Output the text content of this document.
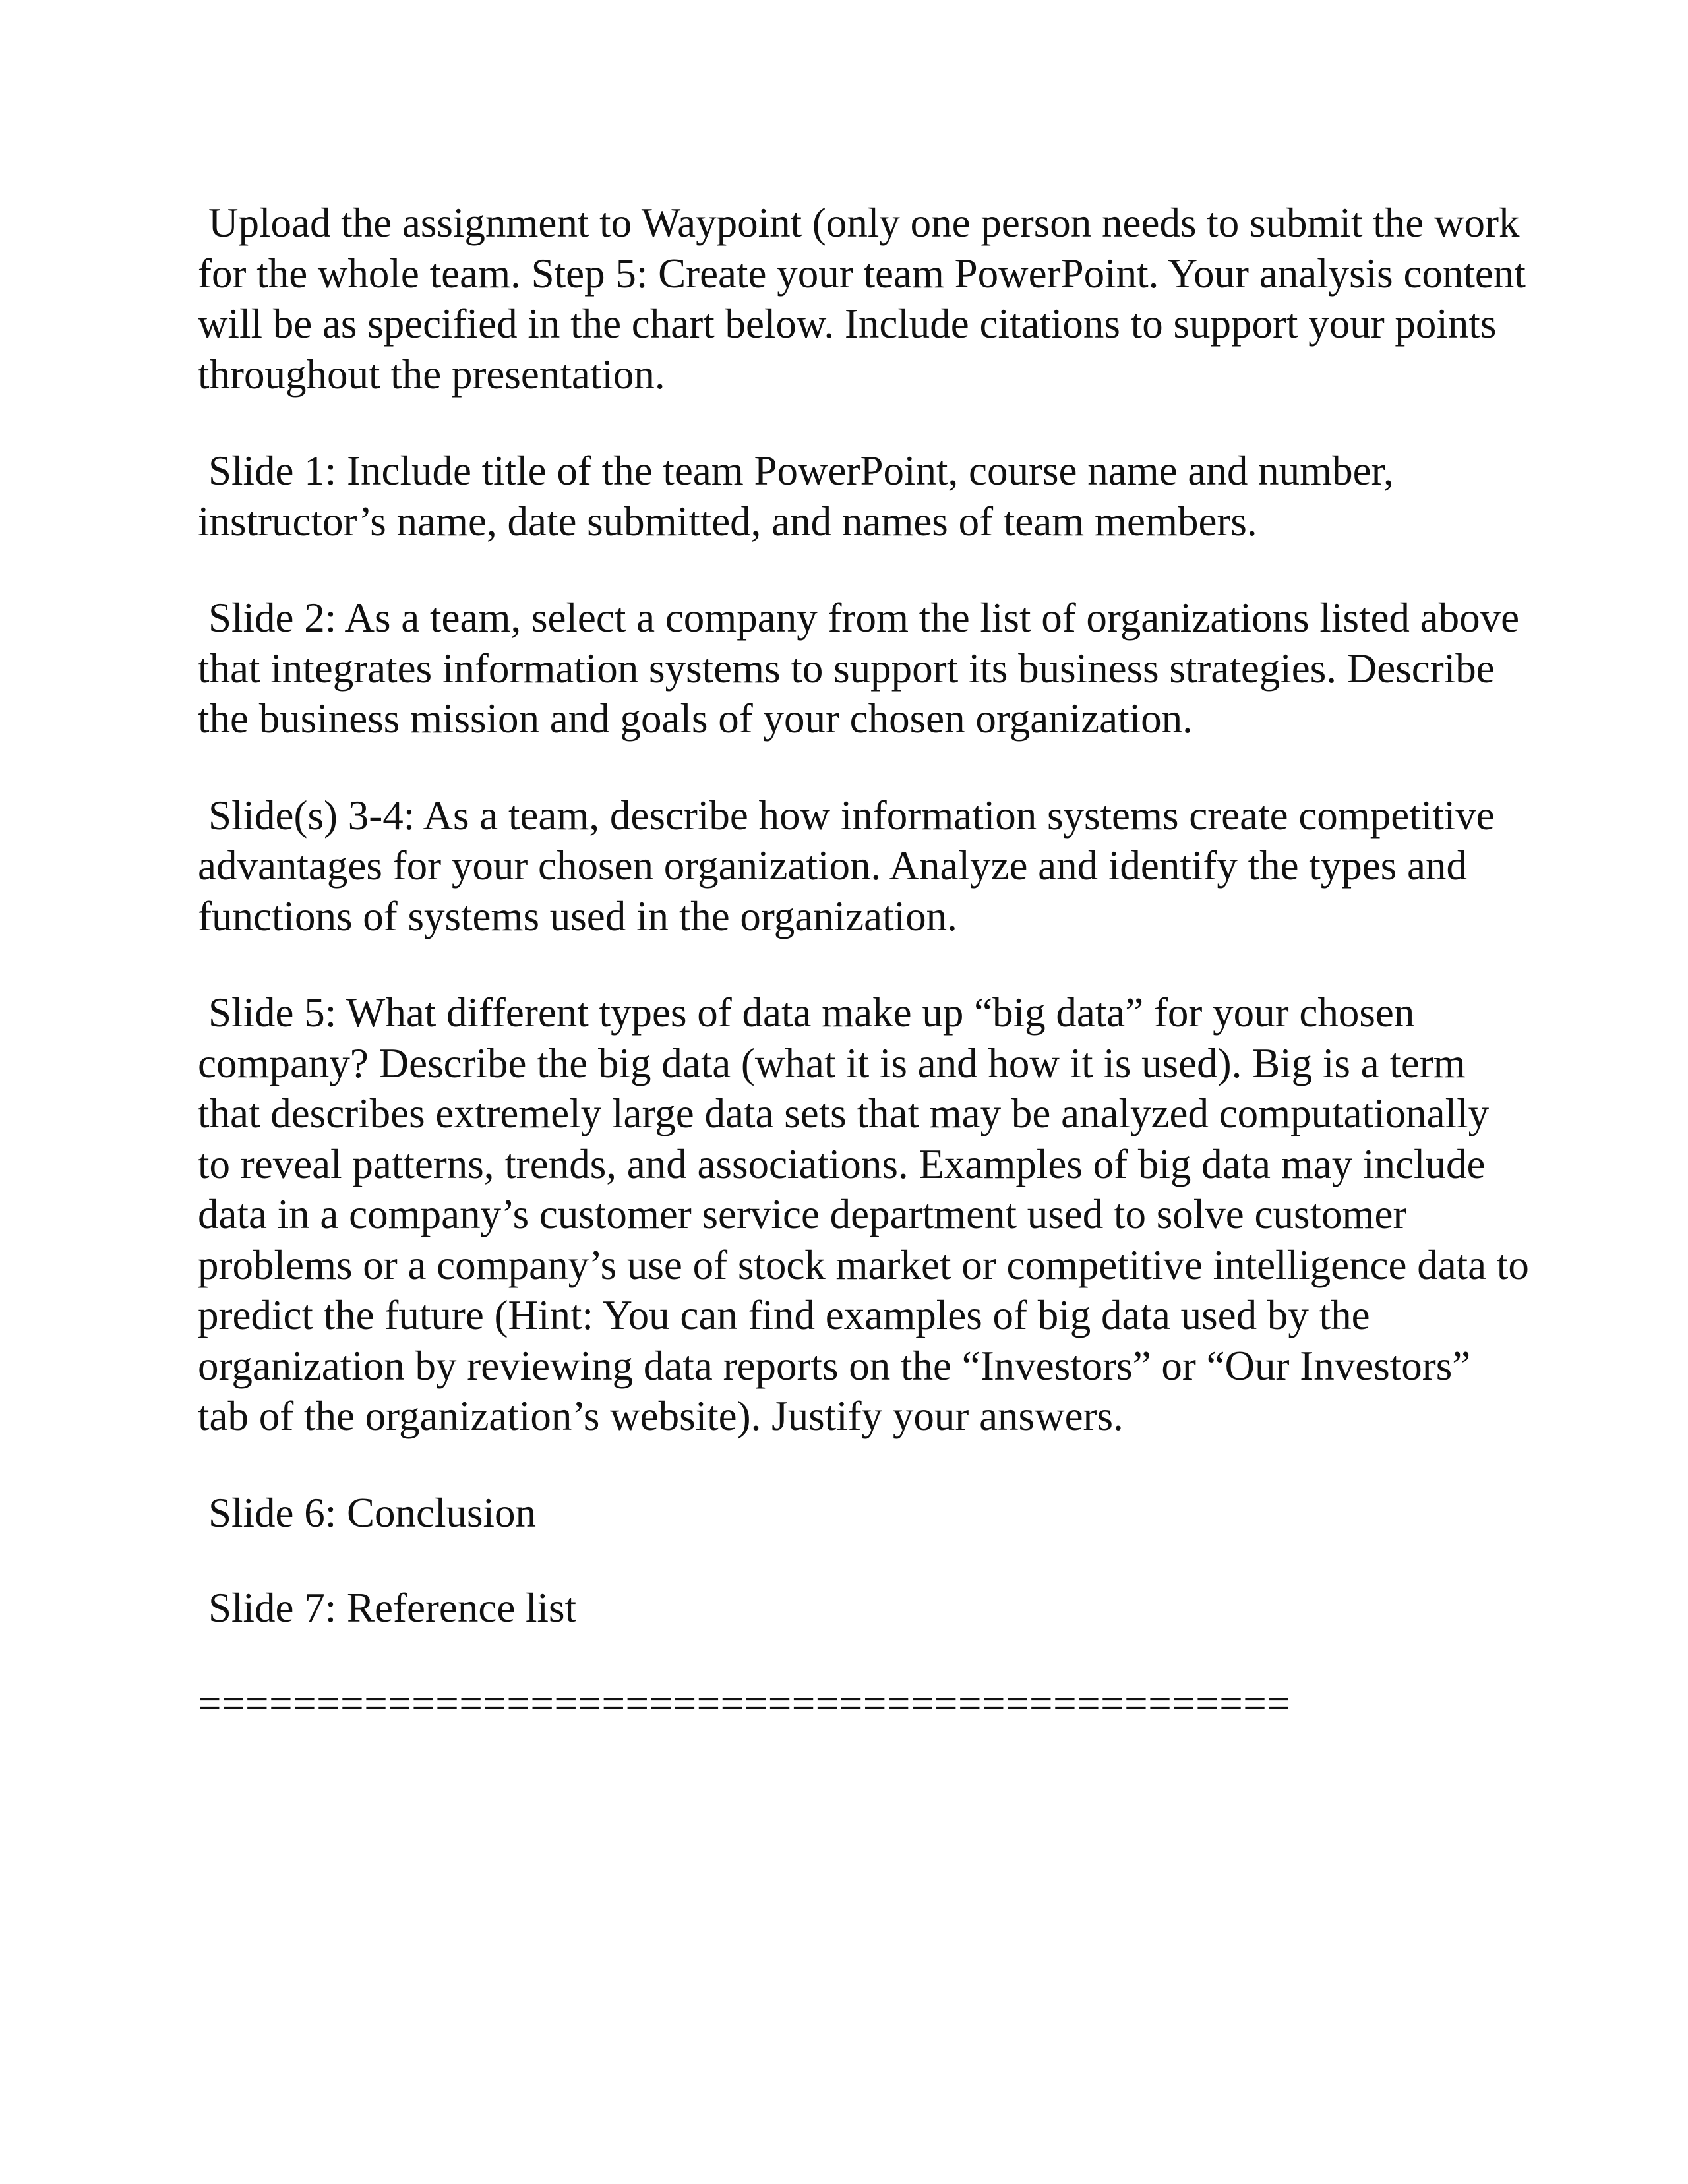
Upload the assignment to Waypoint (only one person needs to submit the work for the whole team. Step 5: Create your team PowerPoint. Your analysis content will be as specified in the chart below. Include citations to support your points throughout the presentation.

Slide 1: Include title of the team PowerPoint, course name and number, instructor’s name, date submitted, and names of team members.

Slide 2: As a team, select a company from the list of organizations listed above that integrates information systems to support its business strategies. Describe the business mission and goals of your chosen organization.

Slide(s) 3-4: As a team, describe how information systems create competitive advantages for your chosen organization. Analyze and identify the types and functions of systems used in the organization.

Slide 5: What different types of data make up “big data” for your chosen company? Describe the big data (what it is and how it is used). Big is a term that describes extremely large data sets that may be analyzed computationally to reveal patterns, trends, and associations. Examples of big data may include data in a company’s customer service department used to solve customer problems or a company’s use of stock market or competitive intelligence data to predict the future (Hint: You can find examples of big data used by the organization by reviewing data reports on the “Investors” or “Our Investors” tab of the organization’s website). Justify your answers.

Slide 6: Conclusion

Slide 7: Reference list

==============================================
